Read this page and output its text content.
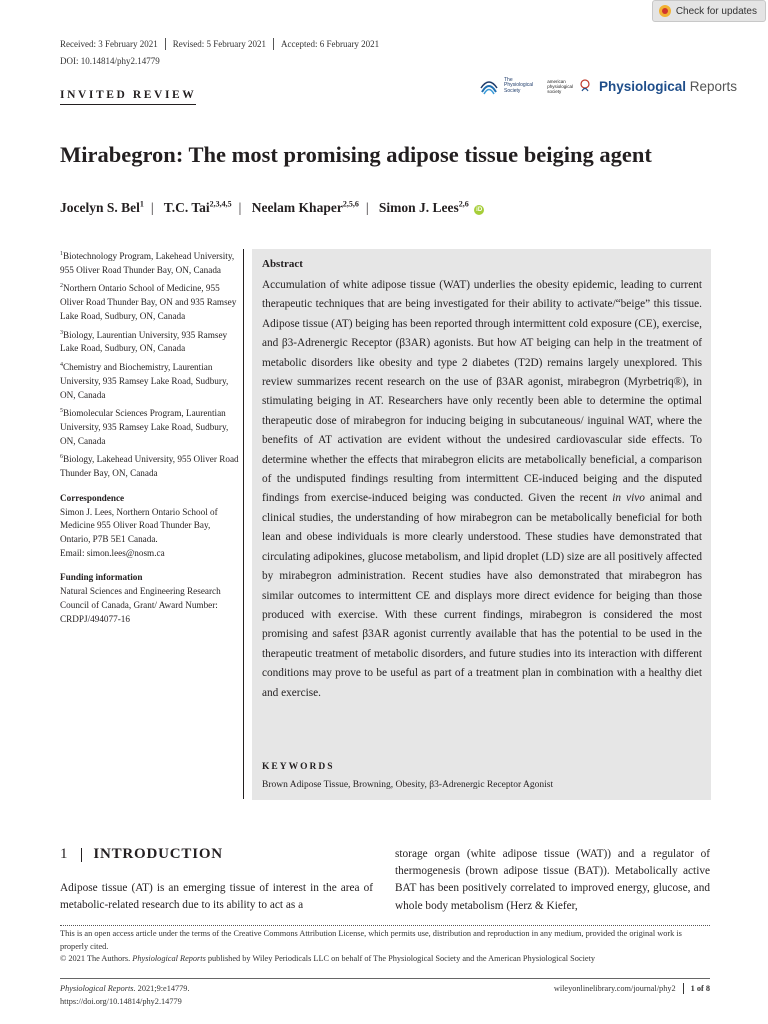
Check for updates
Received: 3 February 2021 Revised: 5 February 2021 Accepted: 6 February 2021
DOI: 10.14814/phy2.14779
INVITED REVIEW
The
Physiological
Society
american
physiological
society	Physiological Reports
Mirabegron: The most promising adipose tissue beiging agent
Jocelyn S. Bel$^1$ | T.C. Tai$^{2,3,4,5}$ | Neelam Khaper$^{2,5,6}$ | Simon J. Lees$^{2,6}$ iD

$^1$Biotechnology Program, Lakehead University, 955 Oliver Road Thunder Bay, ON, Canada

$^2$Northern Ontario School of Medicine, 955 Oliver Road Thunder Bay, ON and 935 Ramsey Lake Road, Sudbury, ON, Canada

$^3$Biology, Laurentian University, 935 Ramsey Lake Road, Sudbury, ON, Canada

$^4$Chemistry and Biochemistry, Laurentian University, 935 Ramsey Lake Road, Sudbury, ON, Canada

$^5$Biomolecular Sciences Program, Laurentian University, 935 Ramsey Lake Road, Sudbury, ON, Canada

$^6$Biology, Lakehead University, 955 Oliver Road Thunder Bay, ON, Canada

Correspondence
Simon J. Lees, Northern Ontario School of Medicine 955 Oliver Road Thunder Bay, Ontario, P7B 5E1 Canada.
Email: simon.lees@nosm.ca
Funding information
Natural Sciences and Engineering Research Council of Canada, Grant/ Award Number: CRDPJ/494077-16
Abstract
Accumulation of white adipose tissue (WAT) underlies the obesity epidemic, leading to current therapeutic techniques that are being investigated for their ability to activate/“beige” this tissue. Adipose tissue (AT) beiging has been reported through intermittent cold exposure (CE), exercise, and β3-Adrenergic Receptor (β3AR) agonists. But how AT beiging can help in the treatment of metabolic disorders like obesity and type 2 diabetes (T2D) remains largely unexplored. This review summarizes recent research on the use of β3AR agonist, mirabegron (Myrbetriq®), in stimulating beiging in AT. Researchers have only recently been able to determine the optimal therapeutic dose of mirabegron for inducing beiging in subcutaneous/ inguinal WAT, where the benefits of AT activation are evident without the undesired cardiovascular side effects. To determine whether the effects that mirabegron elicits are metabolically beneficial, a comparison of the undisputed findings resulting from intermittent CE-induced beiging and the disputed findings from exercise-induced beiging was conducted. Given the recent in vivo animal and clinical studies, the understanding of how mirabegron can be metabolically beneficial for both lean and obese individuals is more clearly understood. These studies have demonstrated that circulating adipokines, glucose metabolism, and lipid droplet (LD) size are all positively affected by mirabegron administration. Recent studies have also demonstrated that mirabegron has similar outcomes to intermittent CE and displays more direct evidence for beiging than those produced with exercise. With these current findings, mirabegron is considered the most promising and safest β3AR agonist currently available that has the potential to be used in the therapeutic treatment of metabolic disorders, and future studies into its interaction with different conditions may prove to be useful as part of a treatment plan in combination with a healthy diet and exercise.
KEYWORDS
Brown Adipose Tissue, Browning, Obesity, β3-Adrenergic Receptor Agonist
1 INTRODUCTION
Adipose tissue (AT) is an emerging tissue of interest in the area of metabolic-related research due to its ability to act as a
storage organ (white adipose tissue (WAT)) and a regulator of thermogenesis (brown adipose tissue (BAT)). Metabolically active BAT has been positively correlated to improved energy, glucose, and whole body metabolism (Herz & Kiefer,
This is an open access article under the terms of the Creative Commons Attribution License, which permits use, distribution and reproduction in any medium, provided the original work is properly cited.
© 2021 The Authors. Physiological Reports published by Wiley Periodicals LLC on behalf of The Physiological Society and the American Physiological Society
Physiological Reports. 2021;9:e14779.
https://doi.org/10.14814/phy2.14779
wileyonlinelibrary.com/journal/phy2 1 of 8
